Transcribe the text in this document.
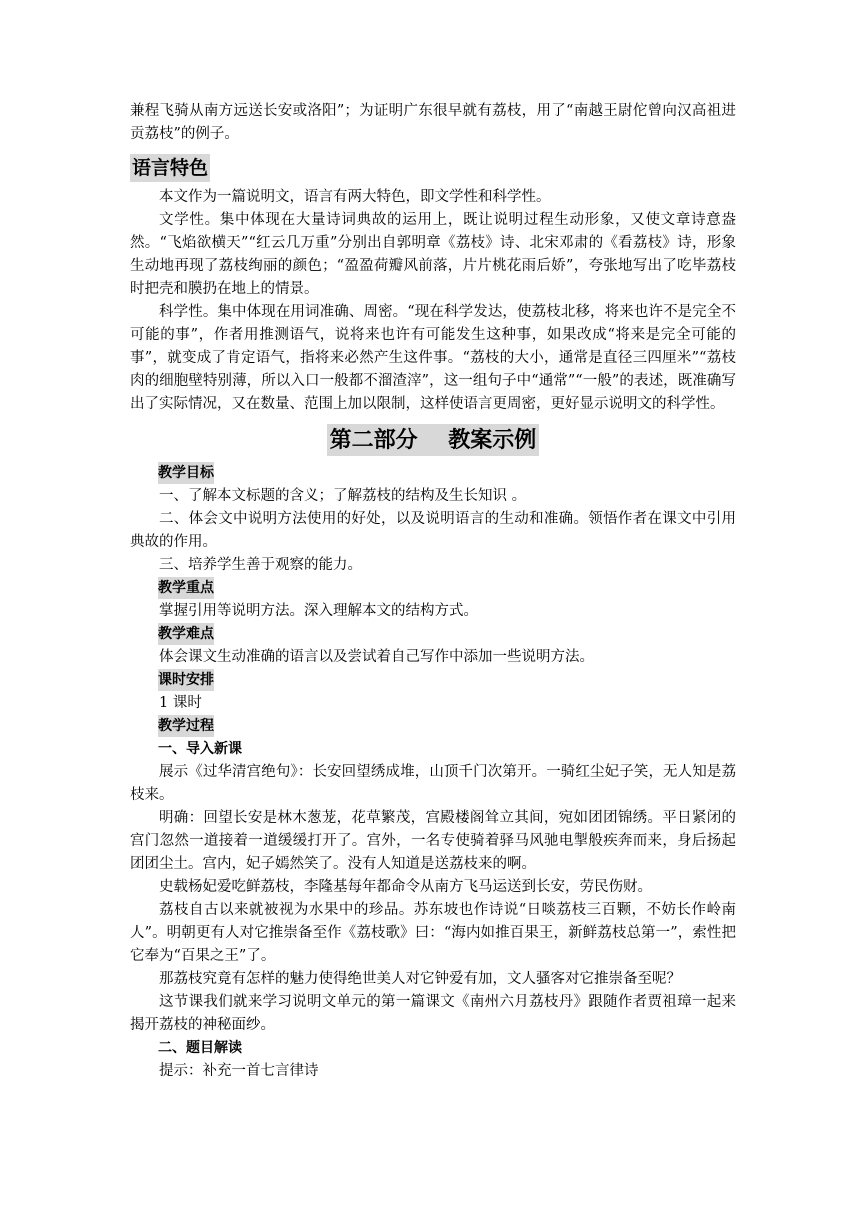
兼程飞骑从南方远送长安或洛阳”；为证明广东很早就有荔枝，用了“南越王尉佗曾向汉高祖进贡荔枝”的例子。

语言特色

本文作为一篇说明文，语言有两大特色，即文学性和科学性。

文学性。集中体现在大量诗词典故的运用上，既让说明过程生动形象，又使文章诗意盎然。“飞焰欲横天”“红云几万重”分别出自郭明章《荔枝》诗、北宋邓肃的《看荔枝》诗，形象生动地再现了荔枝绚丽的颜色；“盈盈荷瓣风前落，片片桃花雨后娇”，夸张地写出了吃毕荔枝时把壳和膜扔在地上的情景。

科学性。集中体现在用词准确、周密。“现在科学发达，使荔枝北移，将来也许不是完全不可能的事”，作者用推测语气，说将来也许有可能发生这种事，如果改成“将来是完全可能的事”，就变成了肯定语气，指将来必然产生这件事。“荔枝的大小，通常是直径三四厘米”“荔枝肉的细胞壁特别薄，所以入口一般都不溜渣滓”，这一组句子中“通常”“一般”的表述，既准确写出了实际情况，又在数量、范围上加以限制，这样使语言更周密，更好显示说明文的科学性。

第二部分    教案示例
教学目标

一、了解本文标题的含义；了解荔枝的结构及生长知识 。

二、体会文中说明方法使用的好处，以及说明语言的生动和准确。领悟作者在课文中引用典故的作用。

三、培养学生善于观察的能力。

教学重点

掌握引用等说明方法。深入理解本文的结构方式。

教学难点

体会课文生动准确的语言以及尝试着自己写作中添加一些说明方法。

课时安排

1 课时

教学过程
一、导入新课

展示《过华清宫绝句》：长安回望绣成堆，山顶千门次第开。一骑红尘妃子笑，无人知是荔枝来。

明确：回望长安是林木葱茏，花草繁茂，宫殿楼阁耸立其间，宛如团团锦绣。平日紧闭的宫门忽然一道接着一道缓缓打开了。宫外，一名专使骑着驿马风驰电掣般疾奔而来，身后扬起团团尘土。宫内，妃子嫣然笑了。没有人知道是送荔枝来的啊。

史载杨妃爱吃鲜荔枝，李隆基每年都命令从南方飞马运送到长安，劳民伤财。

荔枝自古以来就被视为水果中的珍品。苏东坡也作诗说“日啖荔枝三百颗，不妨长作岭南人”。明朝更有人对它推崇备至作《荔枝歌》曰：“海内如推百果王，新鲜荔枝总第一”，索性把它奉为“百果之王”了。

那荔枝究竟有怎样的魅力使得绝世美人对它钟爱有加，文人骚客对它推崇备至呢？

这节课我们就来学习说明文单元的第一篇课文《南州六月荔枝丹》跟随作者贾祖璋一起来揭开荔枝的神秘面纱。

二、题目解读

提示：补充一首七言律诗
